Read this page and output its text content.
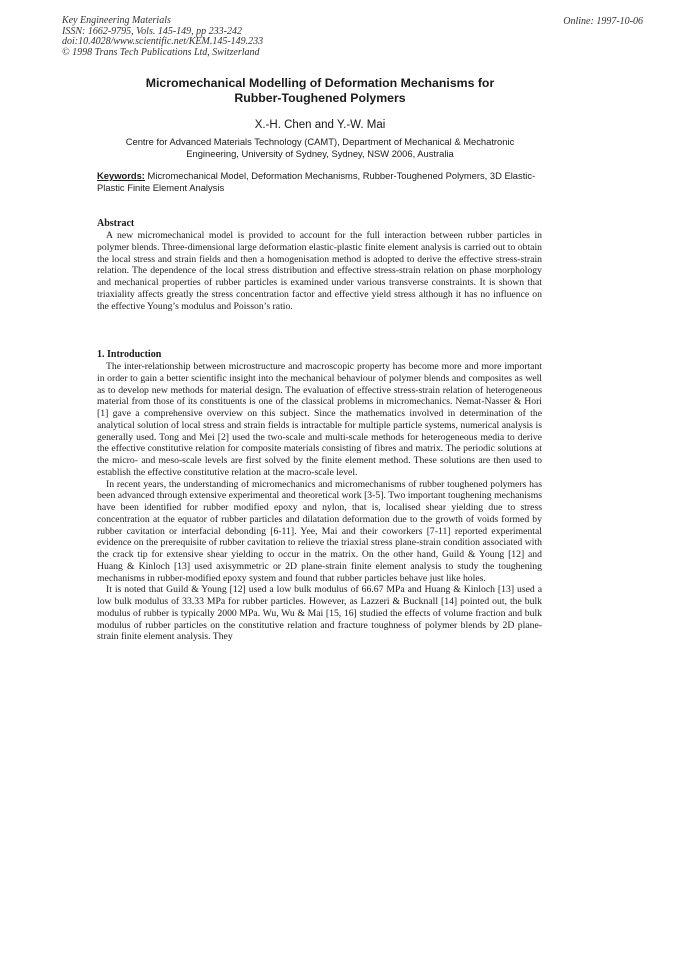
Key Engineering Materials
ISSN: 1662-9795, Vols. 145-149, pp 233-242
doi:10.4028/www.scientific.net/KEM.145-149.233
© 1998 Trans Tech Publications Ltd, Switzerland
Online: 1997-10-06
Micromechanical Modelling of Deformation Mechanisms for
Rubber-Toughened Polymers
X.-H. Chen and Y.-W. Mai
Centre for Advanced Materials Technology (CAMT), Department of Mechanical & Mechatronic
Engineering, University of Sydney, Sydney, NSW 2006, Australia
Keywords: Micromechanical Model, Deformation Mechanisms, Rubber-Toughened Polymers, 3D Elastic-Plastic Finite Element Analysis
Abstract

A new micromechanical model is provided to account for the full interaction between rubber particles in polymer blends. Three-dimensional large deformation elastic-plastic finite element analysis is carried out to obtain the local stress and strain fields and then a homogenisation method is adopted to derive the effective stress-strain relation. The dependence of the local stress distribution and effective stress-strain relation on phase morphology and mechanical properties of rubber particles is examined under various transverse constraints. It is shown that triaxiality affects greatly the stress concentration factor and effective yield stress although it has no influence on the effective Young’s modulus and Poisson’s ratio.

1. Introduction

The inter-relationship between microstructure and macroscopic property has become more and more important in order to gain a better scientific insight into the mechanical behaviour of polymer blends and composites as well as to develop new methods for material design. The evaluation of effective stress-strain relation of heterogeneous material from those of its constituents is one of the classical problems in micromechanics. Nemat-Nasser & Hori [1] gave a comprehensive overview on this subject. Since the mathematics involved in determination of the analytical solution of local stress and strain fields is intractable for multiple particle systems, numerical analysis is generally used. Tong and Mei [2] used the two-scale and multi-scale methods for heterogeneous media to derive the effective constitutive relation for composite materials consisting of fibres and matrix. The periodic solutions at the micro- and meso-scale levels are first solved by the finite element method. These solutions are then used to establish the effective constitutive relation at the macro-scale level.

In recent years, the understanding of micromechanics and micromechanisms of rubber toughened polymers has been advanced through extensive experimental and theoretical work [3-5]. Two important toughening mechanisms have been identified for rubber modified epoxy and nylon, that is, localised shear yielding due to stress concentration at the equator of rubber particles and dilatation deformation due to the growth of voids formed by rubber cavitation or interfacial debonding [6-11]. Yee, Mai and their coworkers [7-11] reported experimental evidence on the prerequisite of rubber cavitation to relieve the triaxial stress plane-strain condition associated with the crack tip for extensive shear yielding to occur in the matrix. On the other hand, Guild & Young [12] and Huang & Kinloch [13] used axisymmetric or 2D plane-strain finite element analysis to study the toughening mechanisms in rubber-modified epoxy system and found that rubber particles behave just like holes.

It is noted that Guild & Young [12] used a low bulk modulus of 66.67 MPa and Huang & Kinloch [13] used a low bulk modulus of 33.33 MPa for rubber particles. However, as Lazzeri & Bucknall [14] pointed out, the bulk modulus of rubber is typically 2000 MPa. Wu, Wu & Mai [15, 16] studied the effects of volume fraction and bulk modulus of rubber particles on the constitutive relation and fracture toughness of polymer blends by 2D plane-strain finite element analysis. They
